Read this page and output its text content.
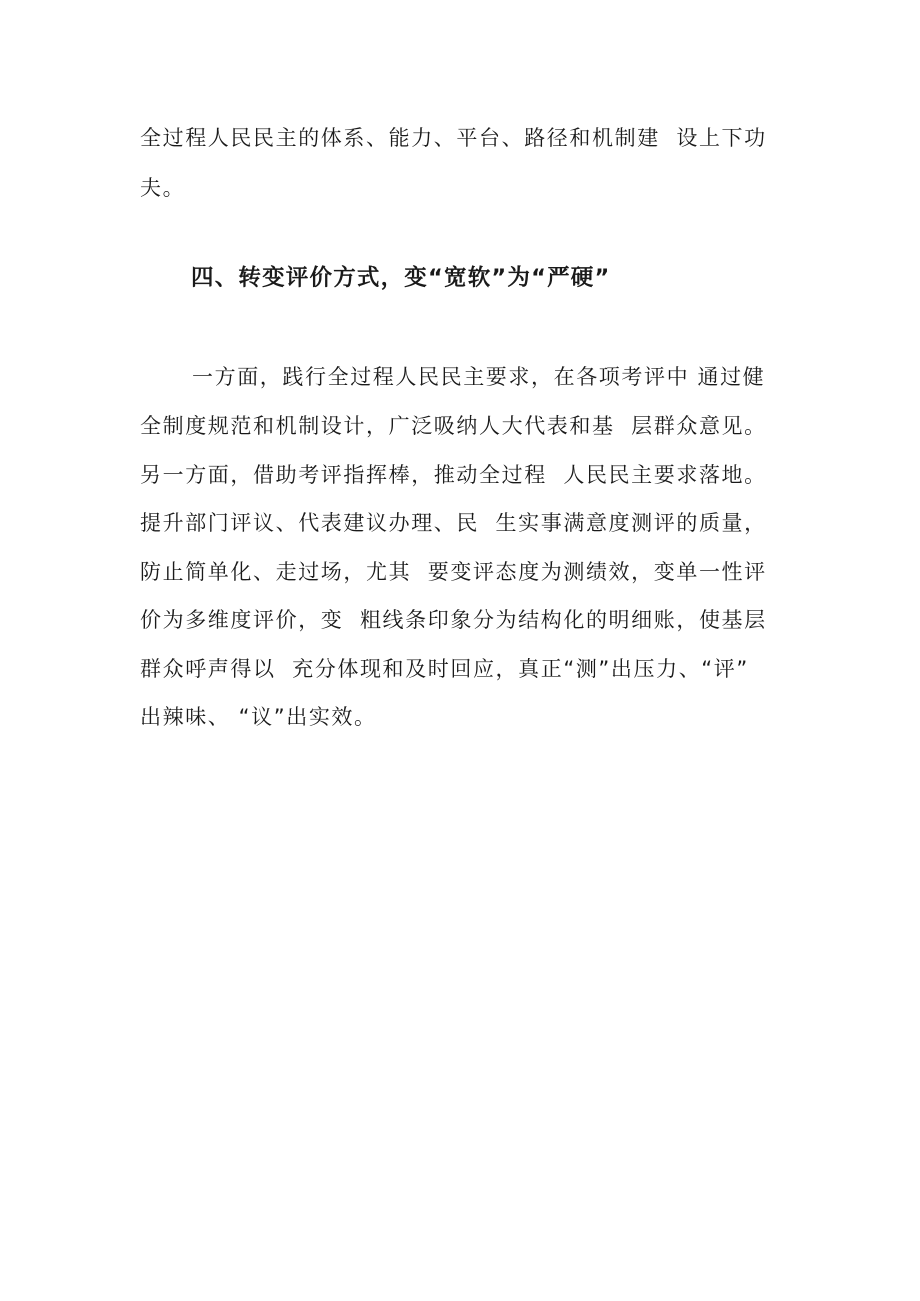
全过程人民民主的体系、能力、平台、路径和机制建  设上下功
夫。
四、转变评价方式，变“宽软”为“严硬”
一方面，践行全过程人民民主要求，在各项考评中 通过健
全制度规范和机制设计，广泛吸纳人大代表和基  层群众意见。
另一方面，借助考评指挥棒，推动全过程  人民民主要求落地。
提升部门评议、代表建议办理、民  生实事满意度测评的质量，
防止简单化、走过场，尤其  要变评态度为测绩效，变单一性评
价为多维度评价，变  粗线条印象分为结构化的明细账，使基层
群众呼声得以  充分体现和及时回应，真正“测”出压力、“评”
出辣味、 “议”出实效。
